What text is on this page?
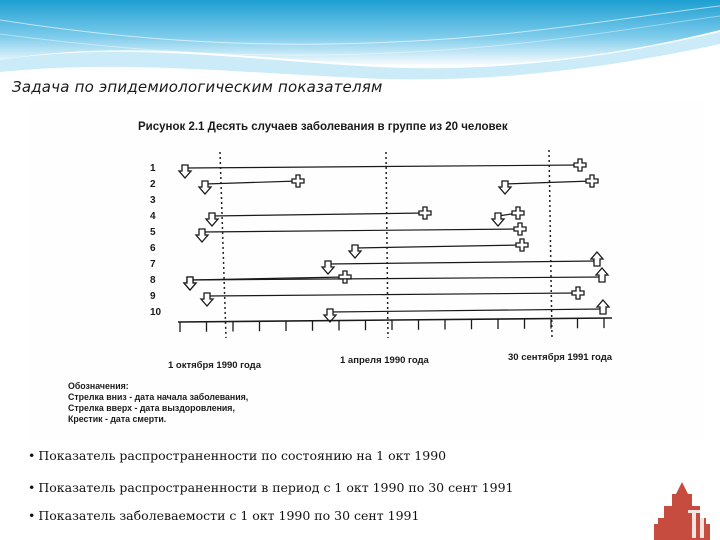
Задача по эпидемиологическим показателям
Рисунок 2.1 Десять случаев заболевания в группе из 20 человек
1
2
3
4
5
6
7
8
9
10
1 октября 1990 года	1 апреля 1990 года	30 сентября 1991 года
Обозначения:
Стрелка вниз - дата начала заболевания,
Стрелка вверх - дата выздоровления,
Крестик - дата смерти.
• Показатель распространенности по состоянию на 1 окт 1990
• Показатель распространенности в период с 1 окт 1990 по 30 сент 1991
• Показатель заболеваемости с 1 окт 1990 по 30 сент 1991
